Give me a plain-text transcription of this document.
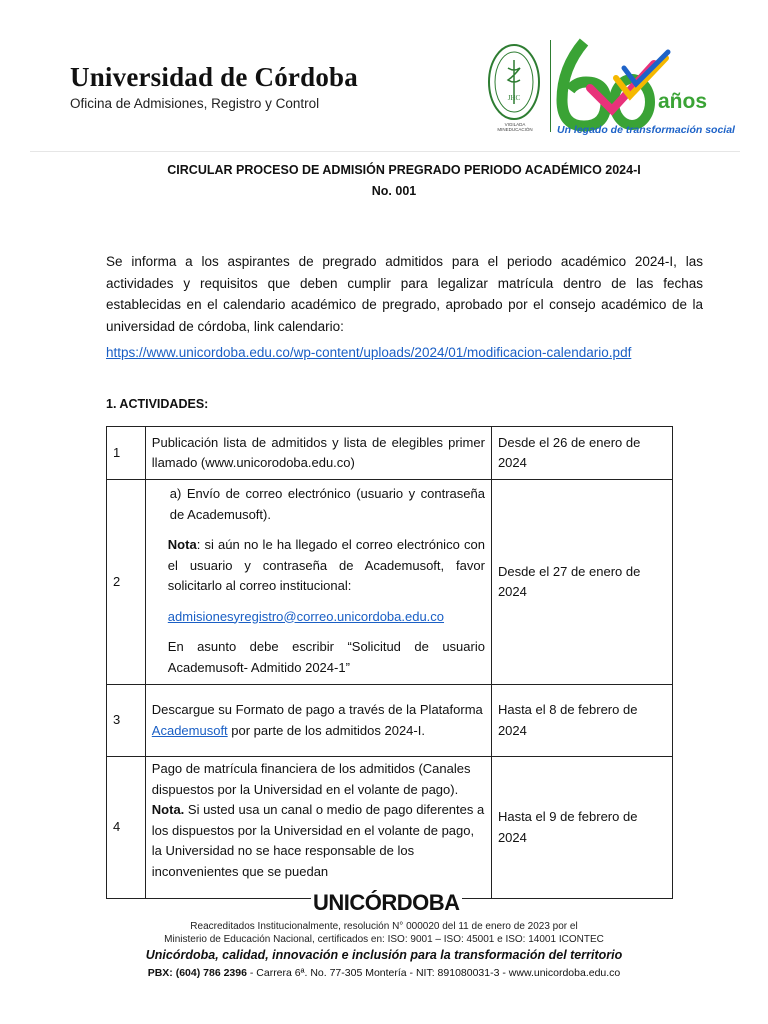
Universidad de Córdoba
Oficina de Admisiones, Registro y Control	JHC
VIGILADA MINEDUCACIÓN
años
Un legado de transformación social
CIRCULAR PROCESO DE ADMISIÓN PREGRADO PERIODO ACADÉMICO 2024-I
No. 001
Se informa a los aspirantes de pregrado admitidos para el periodo académico 2024-I, las actividades y requisitos que deben cumplir para legalizar matrícula dentro de las fechas establecidas en el calendario académico de pregrado, aprobado por el consejo académico de la universidad de córdoba, link calendario:
https://www.unicordoba.edu.co/wp-content/uploads/2024/01/modificacion-calendario.pdf
1. ACTIVIDADES:
1	Publicación lista de admitidos y lista de elegibles primer llamado (www.unicorodoba.edu.co)	Desde el 26 de enero de 2024
2	a) Envío de correo electrónico (usuario y contraseña de Academusoft).

Nota: si aún no le ha llegado el correo electrónico con el usuario y contraseña de Academusoft, favor solicitarlo al correo institucional:

admisionesyregistro@correo.unicordoba.edu.co

En asunto debe escribir “Solicitud de usuario Academusoft- Admitido 2024-1”	Desde el 27 de enero de 2024
3	Descargue su Formato de pago a través de la Plataforma Academusoft por parte de los admitidos 2024-I.	Hasta el 8 de febrero de 2024
4	Pago de matrícula financiera de los admitidos (Canales dispuestos por la Universidad en el volante de pago).
Nota. Si usted usa un canal o medio de pago diferentes a los dispuestos por la Universidad en el volante de pago, la Universidad no se hace responsable de los inconvenientes que se puedan	Hasta el 9 de febrero de 2024
UNICÓRDOBA
Reacreditados Institucionalmente, resolución N° 000020 del 11 de enero de 2023 por el
Ministerio de Educación Nacional, certificados en: ISO: 9001 – ISO: 45001 e ISO: 14001 ICONTEC
Unicórdoba, calidad, innovación e inclusión para la transformación del territorio
PBX: (604) 786 2396 - Carrera 6ª. No. 77-305 Montería - NIT: 891080031-3 - www.unicordoba.edu.co
